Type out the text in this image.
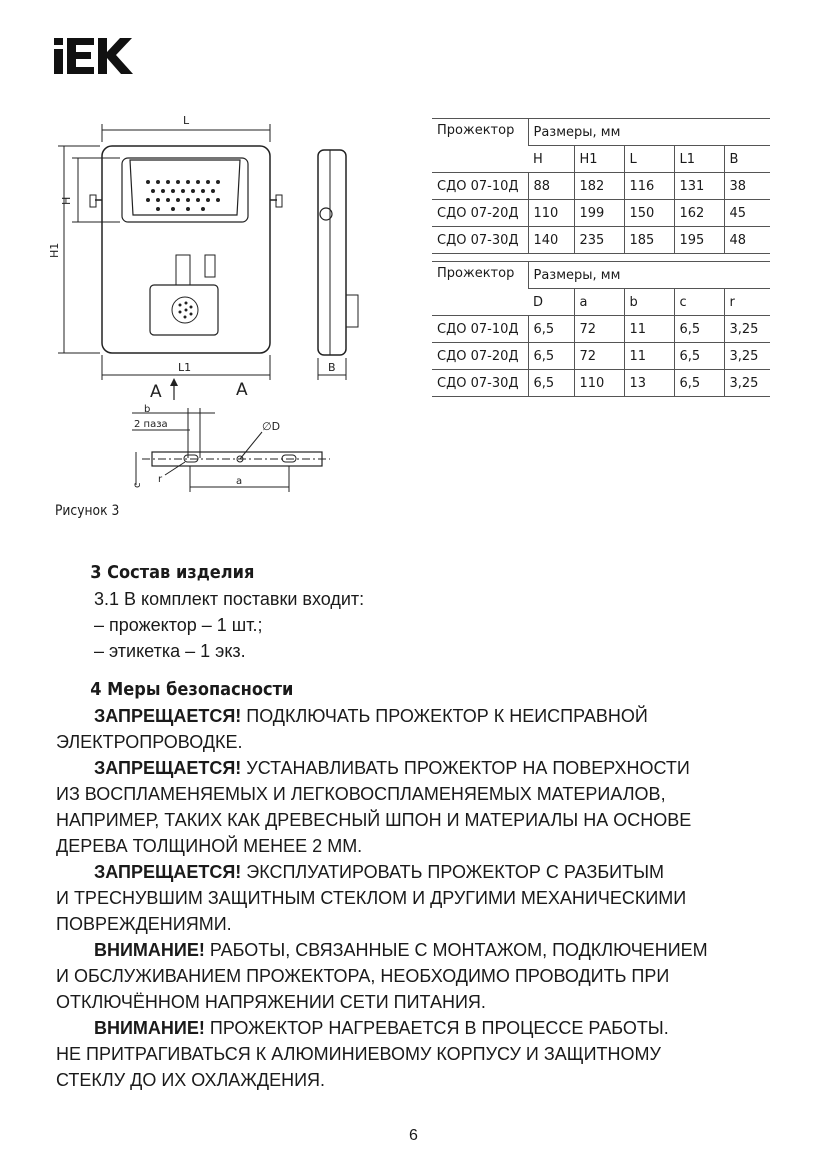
L
H
H1
L1	B
A	A
b
2 паза	∅D
r
c	a
Рисунок 3
Прожектор	Размеры, мм				
	H	H1	L	L1	B
СДО 07-10Д	88	182	116	131	38
СДО 07-20Д	110	199	150	162	45
СДО 07-30Д	140	235	185	195	48
Прожектор	Размеры, мм				
	D	a	b	c	r
СДО 07-10Д	6,5	72	11	6,5	3,25
СДО 07-20Д	6,5	72	11	6,5	3,25
СДО 07-30Д	6,5	110	13	6,5	3,25
3 Состав изделия

3.1 В комплект поставки входит:

– прожектор – 1 шт.;

– этикетка – 1 экз.

4 Меры безопасности

ЗАПРЕЩАЕТСЯ! ПОДКЛЮЧАТЬ ПРОЖЕКТОР К НЕИСПРАВНОЙ

ЭЛЕКТРОПРОВОДКЕ.

ЗАПРЕЩАЕТСЯ! УСТАНАВЛИВАТЬ ПРОЖЕКТОР НА ПОВЕРХНОСТИ

ИЗ ВОСПЛАМЕНЯЕМЫХ И ЛЕГКОВОСПЛАМЕНЯЕМЫХ МАТЕРИАЛОВ,

НАПРИМЕР, ТАКИХ КАК ДРЕВЕСНЫЙ ШПОН И МАТЕРИАЛЫ НА ОСНОВЕ

ДЕРЕВА ТОЛЩИНОЙ МЕНЕЕ 2 ММ.

ЗАПРЕЩАЕТСЯ! ЭКСПЛУАТИРОВАТЬ ПРОЖЕКТОР С РАЗБИТЫМ

И ТРЕСНУВШИМ ЗАЩИТНЫМ СТЕКЛОМ И ДРУГИМИ МЕХАНИЧЕСКИМИ

ПОВРЕЖДЕНИЯМИ.

ВНИМАНИЕ! РАБОТЫ, СВЯЗАННЫЕ С МОНТАЖОМ, ПОДКЛЮЧЕНИЕМ

И ОБСЛУЖИВАНИЕМ ПРОЖЕКТОРА, НЕОБХОДИМО ПРОВОДИТЬ ПРИ

ОТКЛЮЧЁННОМ НАПРЯЖЕНИИ СЕТИ ПИТАНИЯ.

ВНИМАНИЕ! ПРОЖЕКТОР НАГРЕВАЕТСЯ В ПРОЦЕССЕ РАБОТЫ.

НЕ ПРИТРАГИВАТЬСЯ К АЛЮМИНИЕВОМУ КОРПУСУ И ЗАЩИТНОМУ

СТЕКЛУ ДО ИХ ОХЛАЖДЕНИЯ.

6
